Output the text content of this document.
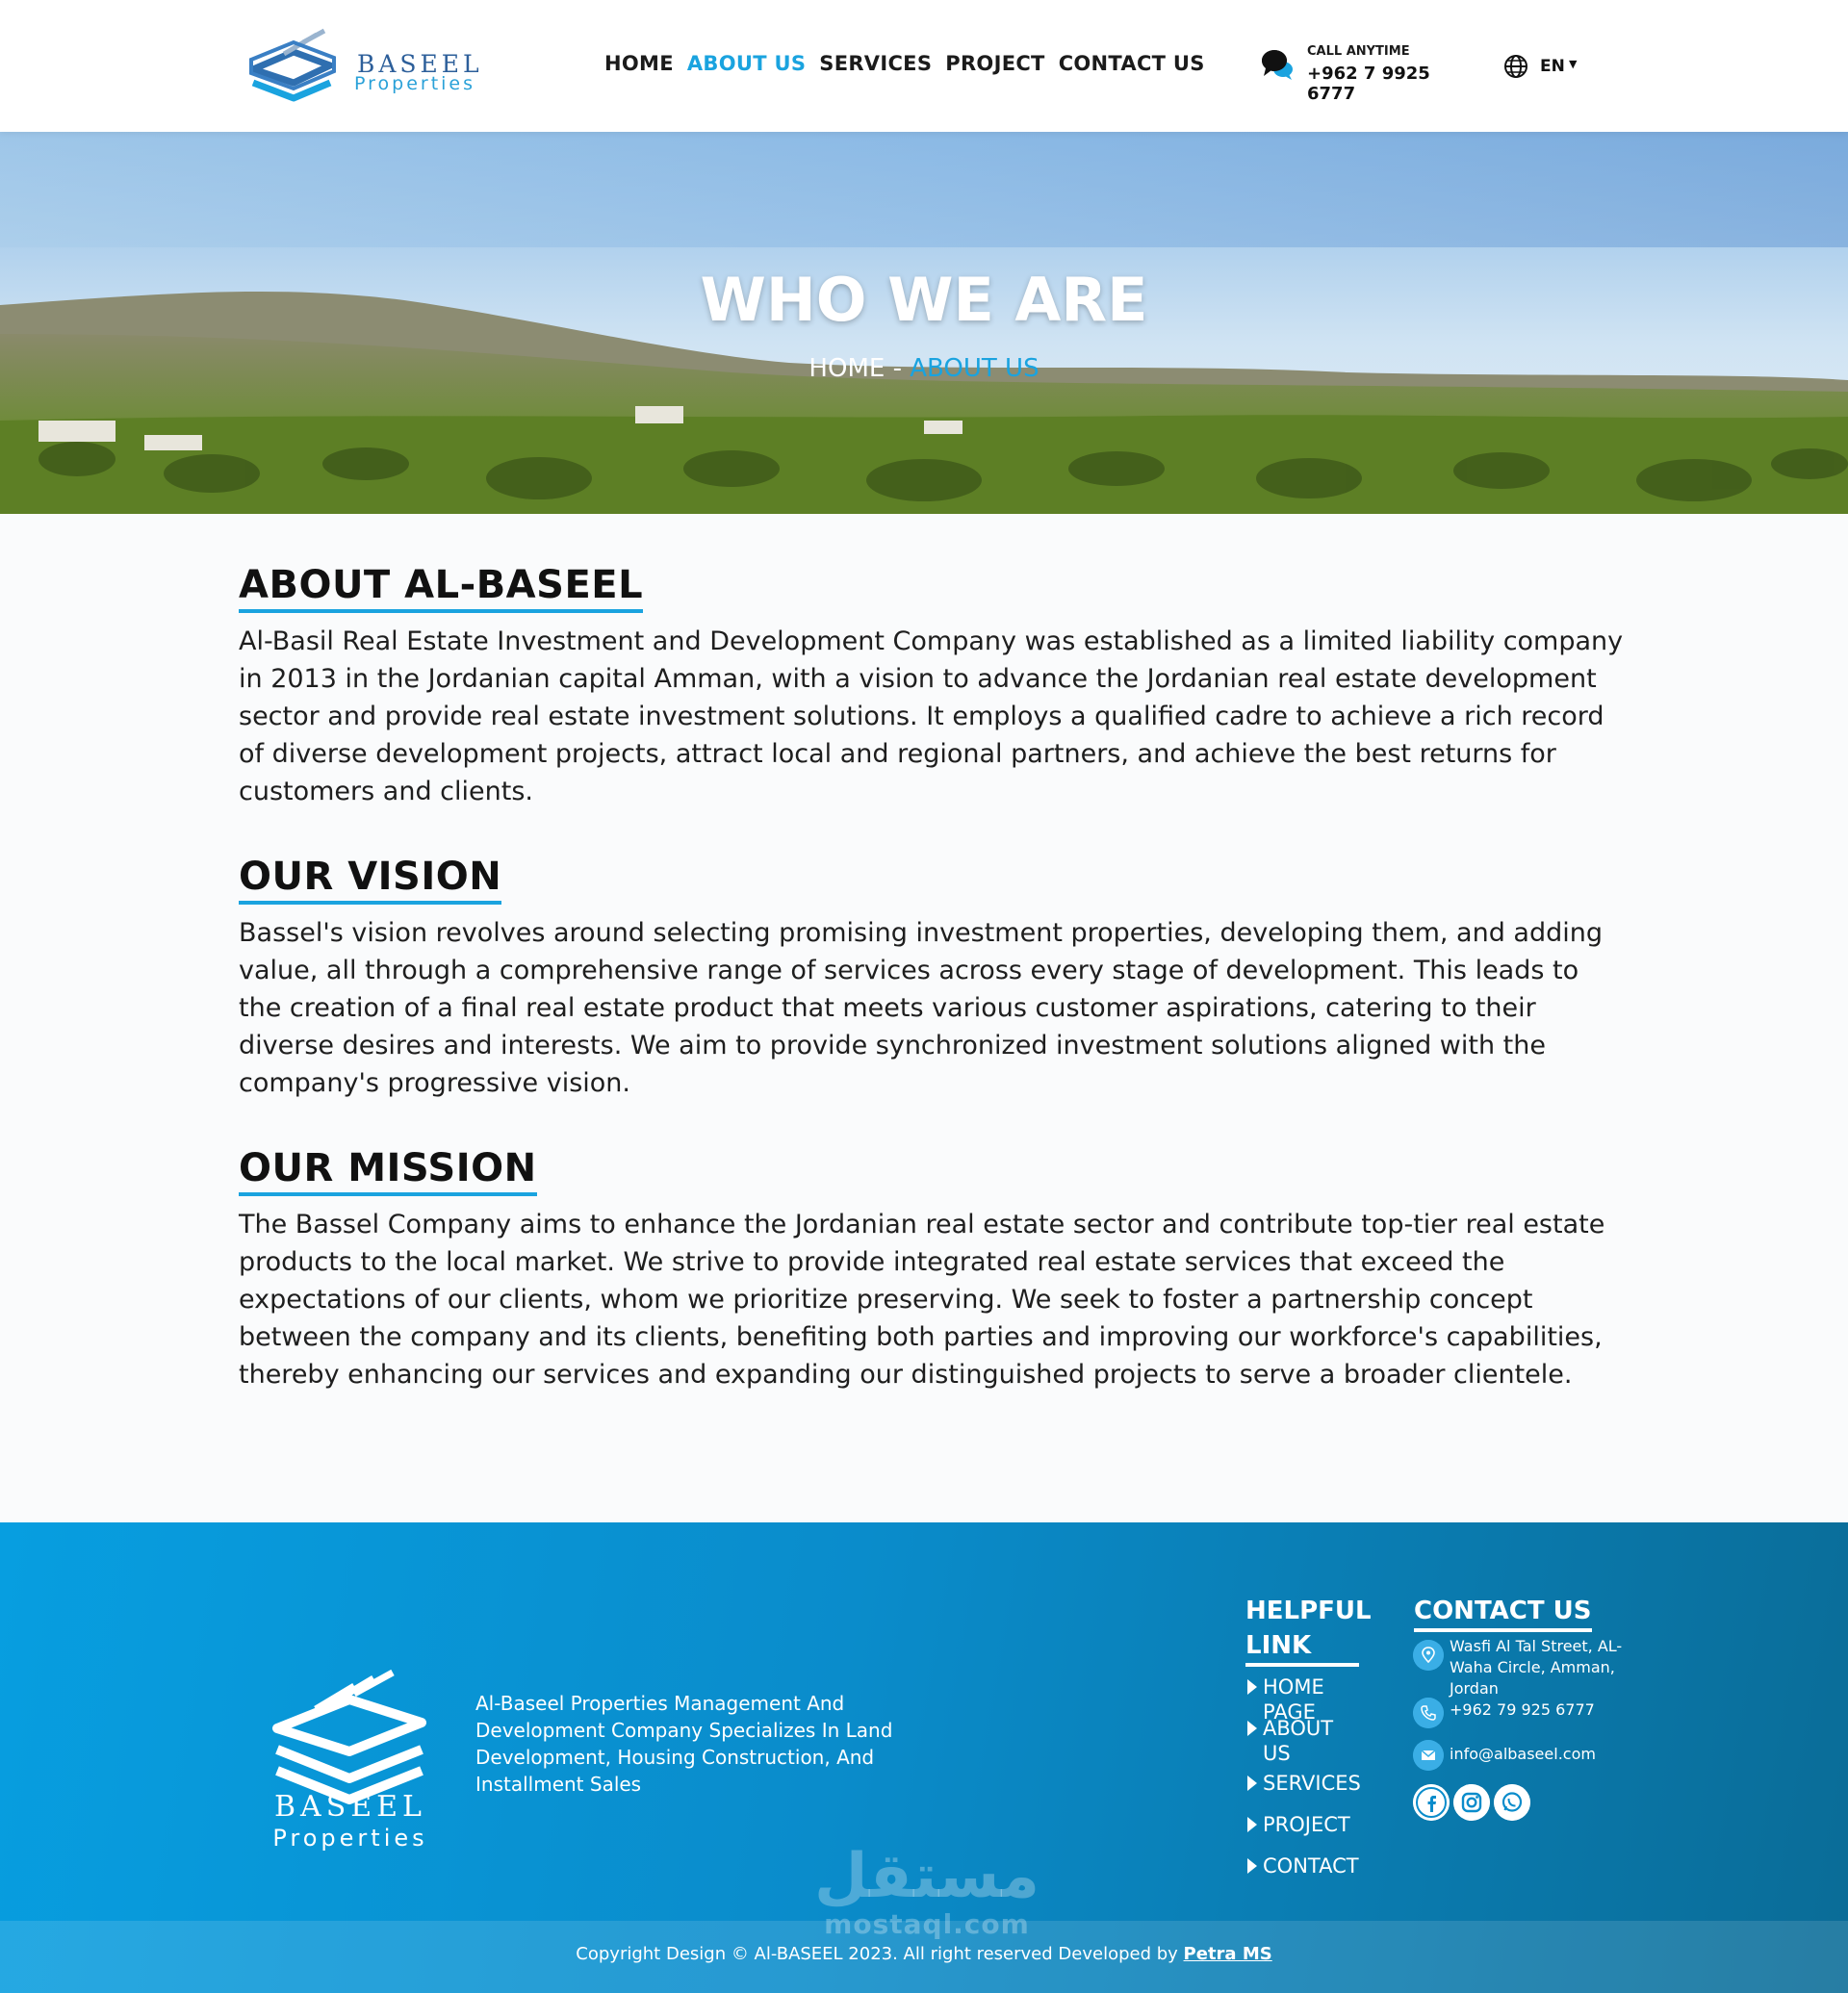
BASEEL
Properties
HOME ABOUT US SERVICES PROJECT CONTACT US
CALL ANYTIME
+962 7 9925 6777
EN ▼
WHO WE ARE
HOME - ABOUT US
ABOUT AL-BASEEL

Al-Basil Real Estate Investment and Development Company was established as a limited liability company in 2013 in the Jordanian capital Amman, with a vision to advance the Jordanian real estate development sector and provide real estate investment solutions. It employs a qualified cadre to achieve a rich record of diverse development projects, attract local and regional partners, and achieve the best returns for customers and clients.

OUR VISION

Bassel's vision revolves around selecting promising investment properties, developing them, and adding value, all through a comprehensive range of services across every stage of development. This leads to the creation of a final real estate product that meets various customer aspirations, catering to their diverse desires and interests. We aim to provide synchronized investment solutions aligned with the company's progressive vision.

OUR MISSION

The Bassel Company aims to enhance the Jordanian real estate sector and contribute top-tier real estate products to the local market. We strive to provide integrated real estate services that exceed the expectations of our clients, whom we prioritize preserving. We seek to foster a partnership concept between the company and its clients, benefiting both parties and improving our workforce's capabilities, thereby enhancing our services and expanding our distinguished projects to serve a broader clientele.

BASEEL
Properties
Al-Baseel Properties Management And Development Company Specializes In Land Development, Housing Construction, And Installment Sales
HELPFUL LINK
HOME PAGE
ABOUT US
SERVICES
PROJECT
CONTACT
CONTACT US
Wasfi Al Tal Street, AL-Waha Circle, Amman, Jordan
+962 79 925 6777
info@albaseel.com
مستقل
mostaql.com
Copyright Design © Al-BASEEL 2023. All right reserved Developed by Petra MS
